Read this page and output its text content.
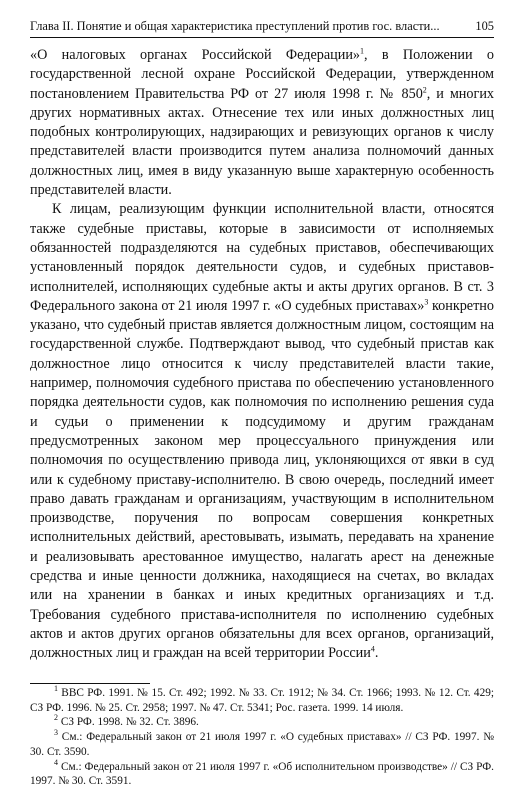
Глава II. Понятие и общая характеристика преступлений против гос. власти...	105

«О налоговых органах Российской Федерации»$^1$, в Положении о государственной лесной охране Российской Федерации, утвержденном постановлением Правительства РФ от 27 июля 1998 г. № $850^2$, и многих других нормативных актах. Отнесение тех или иных должностных лиц подобных контролирующих, надзирающих и ревизующих органов к числу представителей власти производится путем анализа полномочий данных должностных лиц, имея в виду указанную выше характерную особенность представителей власти.

К лицам, реализующим функции исполнительной власти, относятся также судебные приставы, которые в зависимости от исполняемых обязанностей подразделяются на судебных приставов, обеспечивающих установленный порядок деятельности судов, и судебных приставов-исполнителей, исполняющих судебные акты и акты других органов. В ст. 3 Федерального закона от 21 июля 1997 г. «О судебных приставах»$^3$ конкретно указано, что судебный пристав является должностным лицом, состоящим на государственной службе. Подтверждают вывод, что судебный пристав как должностное лицо относится к числу представителей власти такие, например, полномочия судебного пристава по обеспечению установленного порядка деятельности судов, как полномочия по исполнению решения суда и судьи о применении к подсудимому и другим гражданам предусмотренных законом мер процессуального принуждения или полномочия по осуществлению привода лиц, уклоняющихся от явки в суд или к судебному приставу-исполнителю. В свою очередь, последний имеет право давать гражданам и организациям, участвующим в исполнительном производстве, поручения по вопросам совершения конкретных исполнительных действий, арестовывать, изымать, передавать на хранение и реализовывать арестованное имущество, налагать арест на денежные средства и иные ценности должника, находящиеся на счетах, во вкладах или на хранении в банках и иных кредитных организациях и т.д. Требования судебного пристава-исполнителя по исполнению судебных актов и актов других органов обязательны для всех органов, организаций, должностных лиц и граждан на всей территории России$^4$.

$^1$ ВВС РФ. 1991. № 15. Ст. 492; 1992. № 33. Ст. 1912; № 34. Ст. 1966; 1993. № 12. Ст. 429; СЗ РФ. 1996. № 25. Ст. 2958; 1997. № 47. Ст. 5341; Рос. газета. 1999. 14 июля.

$^2$ СЗ РФ. 1998. № 32. Ст. 3896.

$^3$ См.: Федеральный закон от 21 июля 1997 г. «О судебных приставах» // СЗ РФ. 1997. № 30. Ст. 3590.

$^4$ См.: Федеральный закон от 21 июля 1997 г. «Об исполнительном производстве» // СЗ РФ. 1997. № 30. Ст. 3591.
